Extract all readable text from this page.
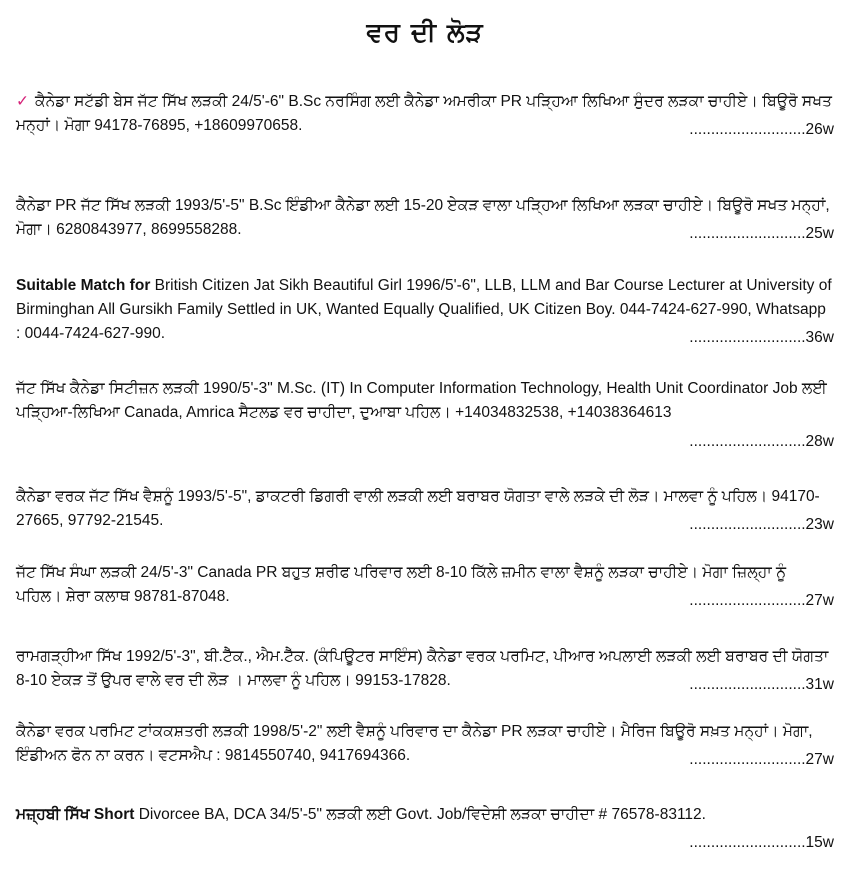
ਵਰ ਦੀ ਲੋੜ
✓ ਕੈਨੇਡਾ ਸਟੱਡੀ ਬੇਸ ਜੱਟ ਸਿੱਖ ਲੜਕੀ 24/5'-6" B.Sc ਨਰਸਿੰਗ ਲਈ ਕੈਨੇਡਾ ਅਮਰੀਕਾ PR ਪੜ੍ਹਿਆ ਲਿਖਿਆ ਸੁੰਦਰ ਲੜਕਾ ਚਾਹੀਏ। ਬਿਊਰੋ ਸਖਤ ਮਨ੍ਹਾਂ। ਮੋਗਾ 94178-76895, +18609970658.	...........................26w
ਕੈਨੇਡਾ PR ਜੱਟ ਸਿੱਖ ਲੜਕੀ 1993/5'-5" B.Sc ਇੰਡੀਆ ਕੈਨੇਡਾ ਲਈ 15-20 ਏਕੜ ਵਾਲਾ ਪੜ੍ਹਿਆ ਲਿਖਿਆ ਲੜਕਾ ਚਾਹੀਏ। ਬਿਊਰੋ ਸਖਤ ਮਨ੍ਹਾਂ, ਮੋਗਾ। 6280843977, 8699558288.	...........................25w
Suitable Match for British Citizen Jat Sikh Beautiful Girl 1996/5'-6", LLB, LLM and Bar Course Lecturer at University of Birminghan All Gursikh Family Settled in UK, Wanted Equally Qualified, UK Citizen Boy. 044-7424-627-990, Whatsapp : 0044-7424-627-990.	...........................36w
ਜੱਟ ਸਿੱਖ ਕੈਨੇਡਾ ਸਿਟੀਜ਼ਨ ਲੜਕੀ 1990/5'-3" M.Sc. (IT) In Computer Information Technology, Health Unit Coordinator Job ਲਈ ਪੜ੍ਹਿਆ-ਲਿਖਿਆ Canada, Amrica ਸੈਟਲਡ ਵਰ ਚਾਹੀਦਾ, ਦੁਆਬਾ ਪਹਿਲ। +14034832538, +14038364613
...........................28w
ਕੈਨੇਡਾ ਵਰਕ ਜੱਟ ਸਿੱਖ ਵੈਸ਼ਨੂੰ 1993/5'-5", ਡਾਕਟਰੀ ਡਿਗਰੀ ਵਾਲੀ ਲੜਕੀ ਲਈ ਬਰਾਬਰ ਯੋਗਤਾ ਵਾਲੇ ਲੜਕੇ ਦੀ ਲੋੜ। ਮਾਲਵਾ ਨੂੰ ਪਹਿਲ। 94170-27665, 97792-21545.	...........................23w
ਜੱਟ ਸਿੱਖ ਸੰਘਾ ਲੜਕੀ 24/5'-3" Canada PR ਬਹੁਤ ਸ਼ਰੀਫ ਪਰਿਵਾਰ ਲਈ 8-10 ਕਿੱਲੇ ਜ਼ਮੀਨ ਵਾਲਾ ਵੈਸ਼ਨੂੰ ਲੜਕਾ ਚਾਹੀਏ। ਮੋਗਾ ਜ਼ਿਲ੍ਹਾ ਨੂੰ ਪਹਿਲ। ਸ਼ੇਰਾ ਕਲਾਥ 98781-87048.	...........................27w
ਰਾਮਗੜ੍ਹੀਆ ਸਿੱਖ 1992/5'-3", ਬੀ.ਟੈੱਕ., ਐਮ.ਟੈੱਕ. (ਕੰਪਿਊਟਰ ਸਾਇੰਸ) ਕੈਨੇਡਾ ਵਰਕ ਪਰਮਿਟ, ਪੀਆਰ ਅਪਲਾਈ ਲੜਕੀ ਲਈ ਬਰਾਬਰ ਦੀ ਯੋਗਤਾ 8-10 ਏਕੜ ਤੋਂ ਉਪਰ ਵਾਲੇ ਵਰ ਦੀ ਲੋੜ । ਮਾਲਵਾ ਨੂੰ ਪਹਿਲ। 99153-17828.	...........................31w
ਕੈਨੇਡਾ ਵਰਕ ਪਰਮਿਟ ਟਾਂਕਕਸ਼ਤਰੀ ਲੜਕੀ 1998/5'-2" ਲਈ ਵੈਸ਼ਨੂੰ ਪਰਿਵਾਰ ਦਾ ਕੈਨੇਡਾ PR ਲੜਕਾ ਚਾਹੀਏ। ਮੈਰਿਜ ਬਿਊਰੋ ਸਖ਼ਤ ਮਨ੍ਹਾਂ। ਮੋਗਾ, ਇੰਡੀਅਨ ਫੋਨ ਨਾ ਕਰਨ। ਵਟਸਐਪ : 9814550740, 9417694366.	...........................27w
ਮਜ਼੍ਹਬੀ ਸਿੱਖ Short Divorcee BA, DCA 34/5'-5" ਲੜਕੀ ਲਈ Govt. Job/ਵਿਦੇਸ਼ੀ ਲੜਕਾ ਚਾਹੀਦਾ # 76578-83112.
...........................15w
